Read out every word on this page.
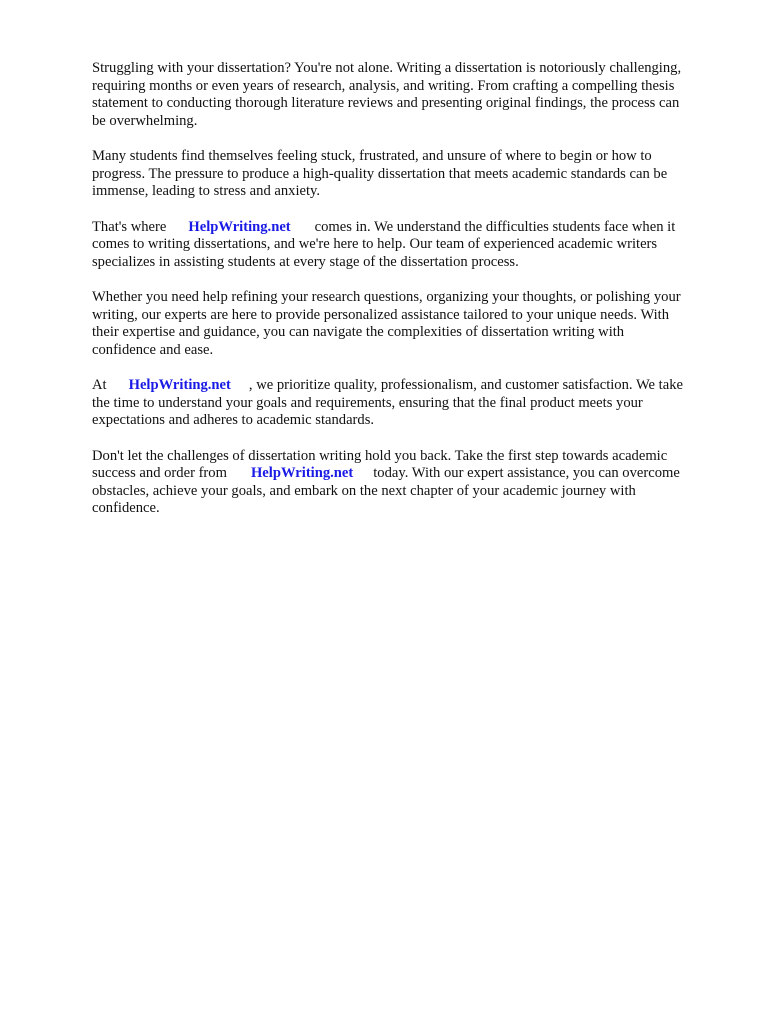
Struggling with your dissertation? You're not alone. Writing a dissertation is notoriously challenging,
requiring months or even years of research, analysis, and writing. From crafting a compelling thesis
statement to conducting thorough literature reviews and presenting original findings, the process can
be overwhelming.

Many students find themselves feeling stuck, frustrated, and unsure of where to begin or how to
progress. The pressure to produce a high-quality dissertation that meets academic standards can be
immense, leading to stress and anxiety.

That's where HelpWriting.net comes in. We understand the difficulties students face when it
comes to writing dissertations, and we're here to help. Our team of experienced academic writers
specializes in assisting students at every stage of the dissertation process.

Whether you need help refining your research questions, organizing your thoughts, or polishing your
writing, our experts are here to provide personalized assistance tailored to your unique needs. With
their expertise and guidance, you can navigate the complexities of dissertation writing with
confidence and ease.

At HelpWriting.net , we prioritize quality, professionalism, and customer satisfaction. We take
the time to understand your goals and requirements, ensuring that the final product meets your
expectations and adheres to academic standards.

Don't let the challenges of dissertation writing hold you back. Take the first step towards academic
success and order from HelpWriting.net today. With our expert assistance, you can overcome
obstacles, achieve your goals, and embark on the next chapter of your academic journey with
confidence.
